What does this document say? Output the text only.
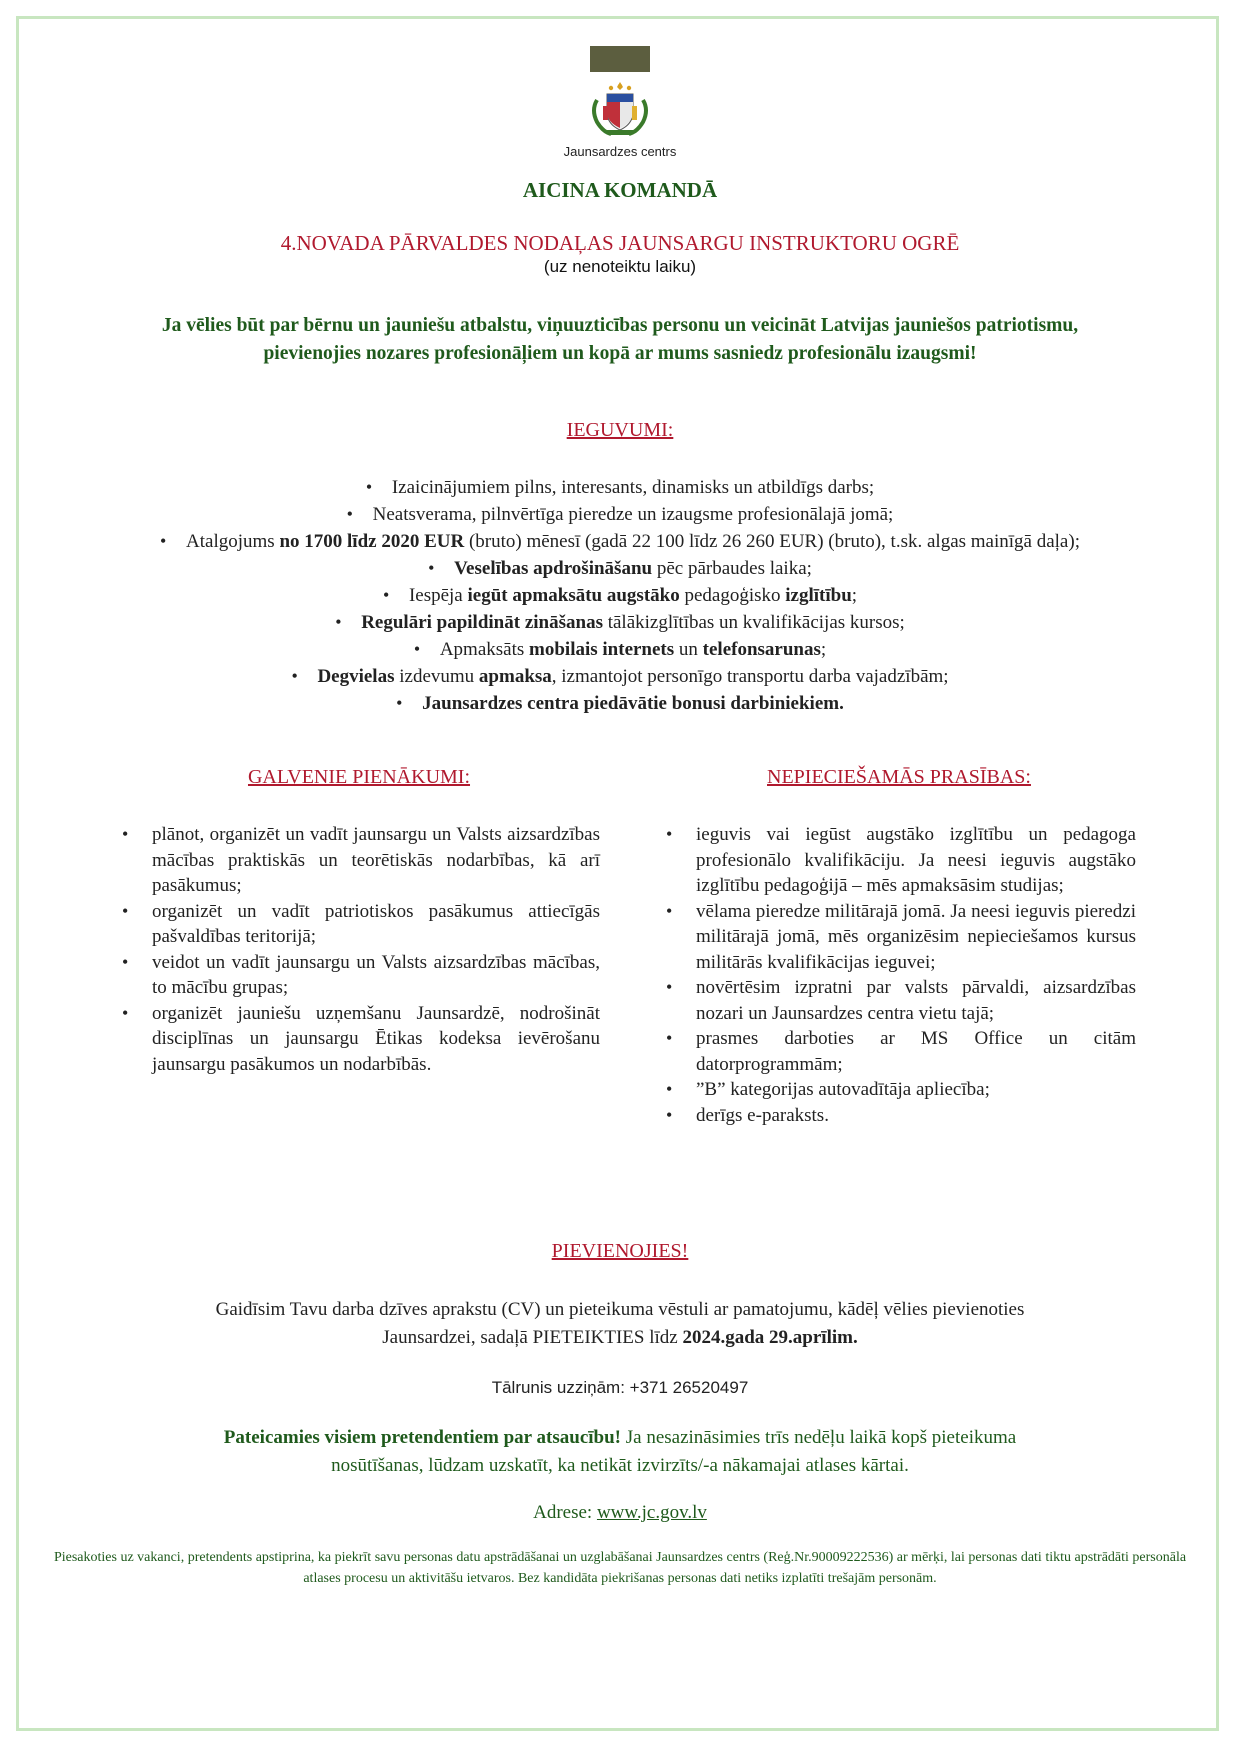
Jaunsardzes centrs
AICINA KOMANDĀ
4.NOVADA PĀRVALDES NODAĻAS JAUNSARGU INSTRUKTORU OGRĒ
(uz nenoteiktu laiku)
Ja vēlies būt par bērnu un jauniešu atbalstu, viņuuzticības personu un veicināt Latvijas jauniešos patriotismu,
pievienojies nozares profesionāļiem un kopā ar mums sasniedz profesionālu izaugsmi!
IEGUVUMI:
• Izaicinājumiem pilns, interesants, dinamisks un atbildīgs darbs;
• Neatsverama, pilnvērtīga pieredze un izaugsme profesionālajā jomā;
• Atalgojums no 1700 līdz 2020 EUR (bruto) mēnesī (gadā 22 100 līdz 26 260 EUR) (bruto), t.sk. algas mainīgā daļa);
• Veselības apdrošināšanu pēc pārbaudes laika;
• Iespēja iegūt apmaksātu augstāko pedagoģisko izglītību;
• Regulāri papildināt zināšanas tālākizglītības un kvalifikācijas kursos;
• Apmaksāts mobilais internets un telefonsarunas;
• Degvielas izdevumu apmaksa, izmantojot personīgo transportu darba vajadzībām;
• Jaunsardzes centra piedāvātie bonusi darbiniekiem.
GALVENIE PIENĀKUMI:	NEPIECIEŠAMĀS PRASĪBAS:
• plānot, organizēt un vadīt jaunsargu un Valsts aizsardzības mācības praktiskās un teorētiskās nodarbības, kā arī pasākumus;
• organizēt un vadīt patriotiskos pasākumus attiecīgās pašvaldības teritorijā;
• veidot un vadīt jaunsargu un Valsts aizsardzības mācības, to mācību grupas;
• organizēt jauniešu uzņemšanu Jaunsardzē, nodrošināt disciplīnas un jaunsargu Ētikas kodeksa ievērošanu jaunsargu pasākumos un nodarbībās.
• ieguvis vai iegūst augstāko izglītību un pedagoga profesionālo kvalifikāciju. Ja neesi ieguvis augstāko izglītību pedagoģijā – mēs apmaksāsim studijas;
• vēlama pieredze militārajā jomā. Ja neesi ieguvis pieredzi militārajā jomā, mēs organizēsim nepieciešamos kursus militārās kvalifikācijas ieguvei;
• novērtēsim izpratni par valsts pārvaldi, aizsardzības nozari un Jaunsardzes centra vietu tajā;
• prasmes darboties ar MS Office un citām datorprogrammām;
• ”B” kategorijas autovadītāja apliecība;
• derīgs e-paraksts.
PIEVIENOJIES!
Gaidīsim Tavu darba dzīves aprakstu (CV) un pieteikuma vēstuli ar pamatojumu, kādēļ vēlies pievienoties
Jaunsardzei, sadaļā PIETEIKTIES līdz 2024.gada 29.aprīlim.
Tālrunis uzziņām: +371 26520497
Pateicamies visiem pretendentiem par atsaucību! Ja nesazināsimies trīs nedēļu laikā kopš pieteikuma
nosūtīšanas, lūdzam uzskatīt, ka netikāt izvirzīts/-a nākamajai atlases kārtai.
Adrese: www.jc.gov.lv
Piesakoties uz vakanci, pretendents apstiprina, ka piekrīt savu personas datu apstrādāšanai un uzglabāšanai Jaunsardzes centrs (Reģ.Nr.90009222536) ar mērķi, lai personas dati tiktu apstrādāti personāla atlases procesu un aktivitāšu ietvaros. Bez kandidāta piekrišanas personas dati netiks izplatīti trešajām personām.
